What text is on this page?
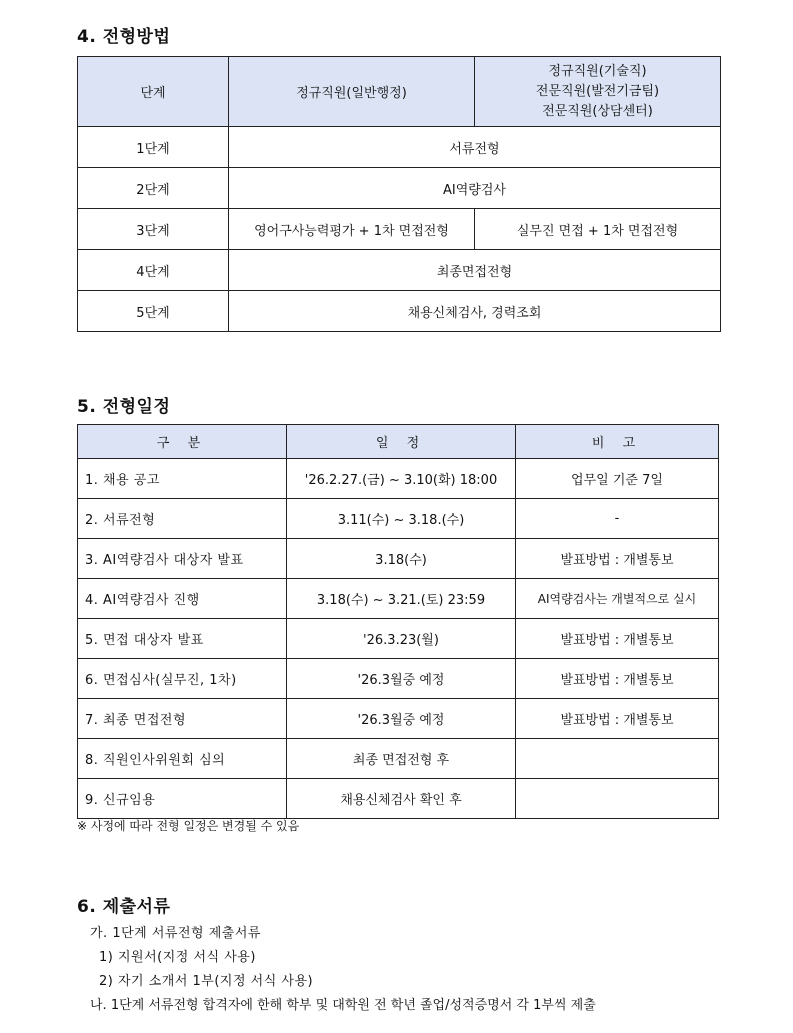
4. 전형방법
단계	정규직원(일반행정)	정규직원(기술직)
전문직원(발전기금팀)
전문직원(상담센터)

1단계	서류전형	
2단계	AI역량검사	
3단계	영어구사능력평가 + 1차 면접전형	실무진 면접 + 1차 면접전형
4단계	최종면접전형	
5단계	채용신체검사, 경력조회	
5. 전형일정
구 분	일 정	비 고
1. 채용 공고	'26.2.27.(금) ~ 3.10(화) 18:00	업무일 기준 7일
2. 서류전형	3.11(수) ~ 3.18.(수)	-
3. AI역량검사 대상자 발표	3.18(수)	발표방법 : 개별통보
4. AI역량검사 진행	3.18(수) ~ 3.21.(토) 23:59	AI역량검사는 개별적으로 실시
5. 면접 대상자 발표	'26.3.23(월)	발표방법 : 개별통보
6. 면접심사(실무진, 1차)	'26.3월중 예정	발표방법 : 개별통보
7. 최종 면접전형	'26.3월중 예정	발표방법 : 개별통보
8. 직원인사위원회 심의	최종 면접전형 후	
9. 신규임용	채용신체검사 확인 후	
※ 사정에 따라 전형 일정은 변경될 수 있음
6. 제출서류
가. 1단계 서류전형 제출서류
1) 지원서(지정 서식 사용)
2) 자기 소개서 1부(지정 서식 사용)
나. 1단계 서류전형 합격자에 한해 학부 및 대학원 전 학년 졸업/성적증명서 각 1부씩 제출
